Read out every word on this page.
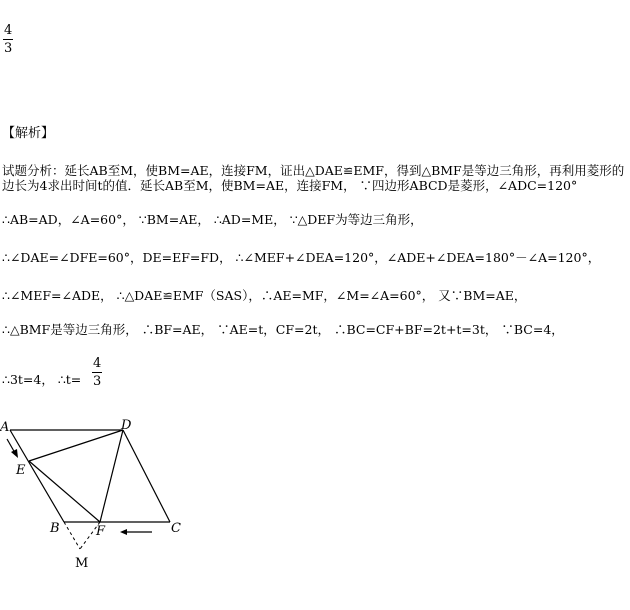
4
3
【解析】
试题分析：延长AB至M，使BM=AE，连接FM，证出△DAE≌EMF，得到△BMF是等边三角形，再利用菱形的
边长为4求出时间t的值．延长AB至M，使BM=AE，连接FM， ∵四边形ABCD是菱形，∠ADC=120°
∴AB=AD，∠A=60°， ∵BM=AE， ∴AD=ME， ∵△DEF为等边三角形，
∴∠DAE=∠DFE=60°，DE=EF=FD， ∴∠MEF+∠DEA=120°，∠ADE+∠DEA=180°－∠A=120°，
∴∠MEF=∠ADE， ∴△DAE≌EMF（SAS），∴AE=MF，∠M=∠A=60°， 又∵BM=AE，
∴△BMF是等边三角形， ∴BF=AE， ∵AE=t，CF=2t， ∴BC=CF+BF=2t+t=3t， ∵BC=4，
∴3t=4， ∴t=
4
3
A	D
E
B	F	C
M
